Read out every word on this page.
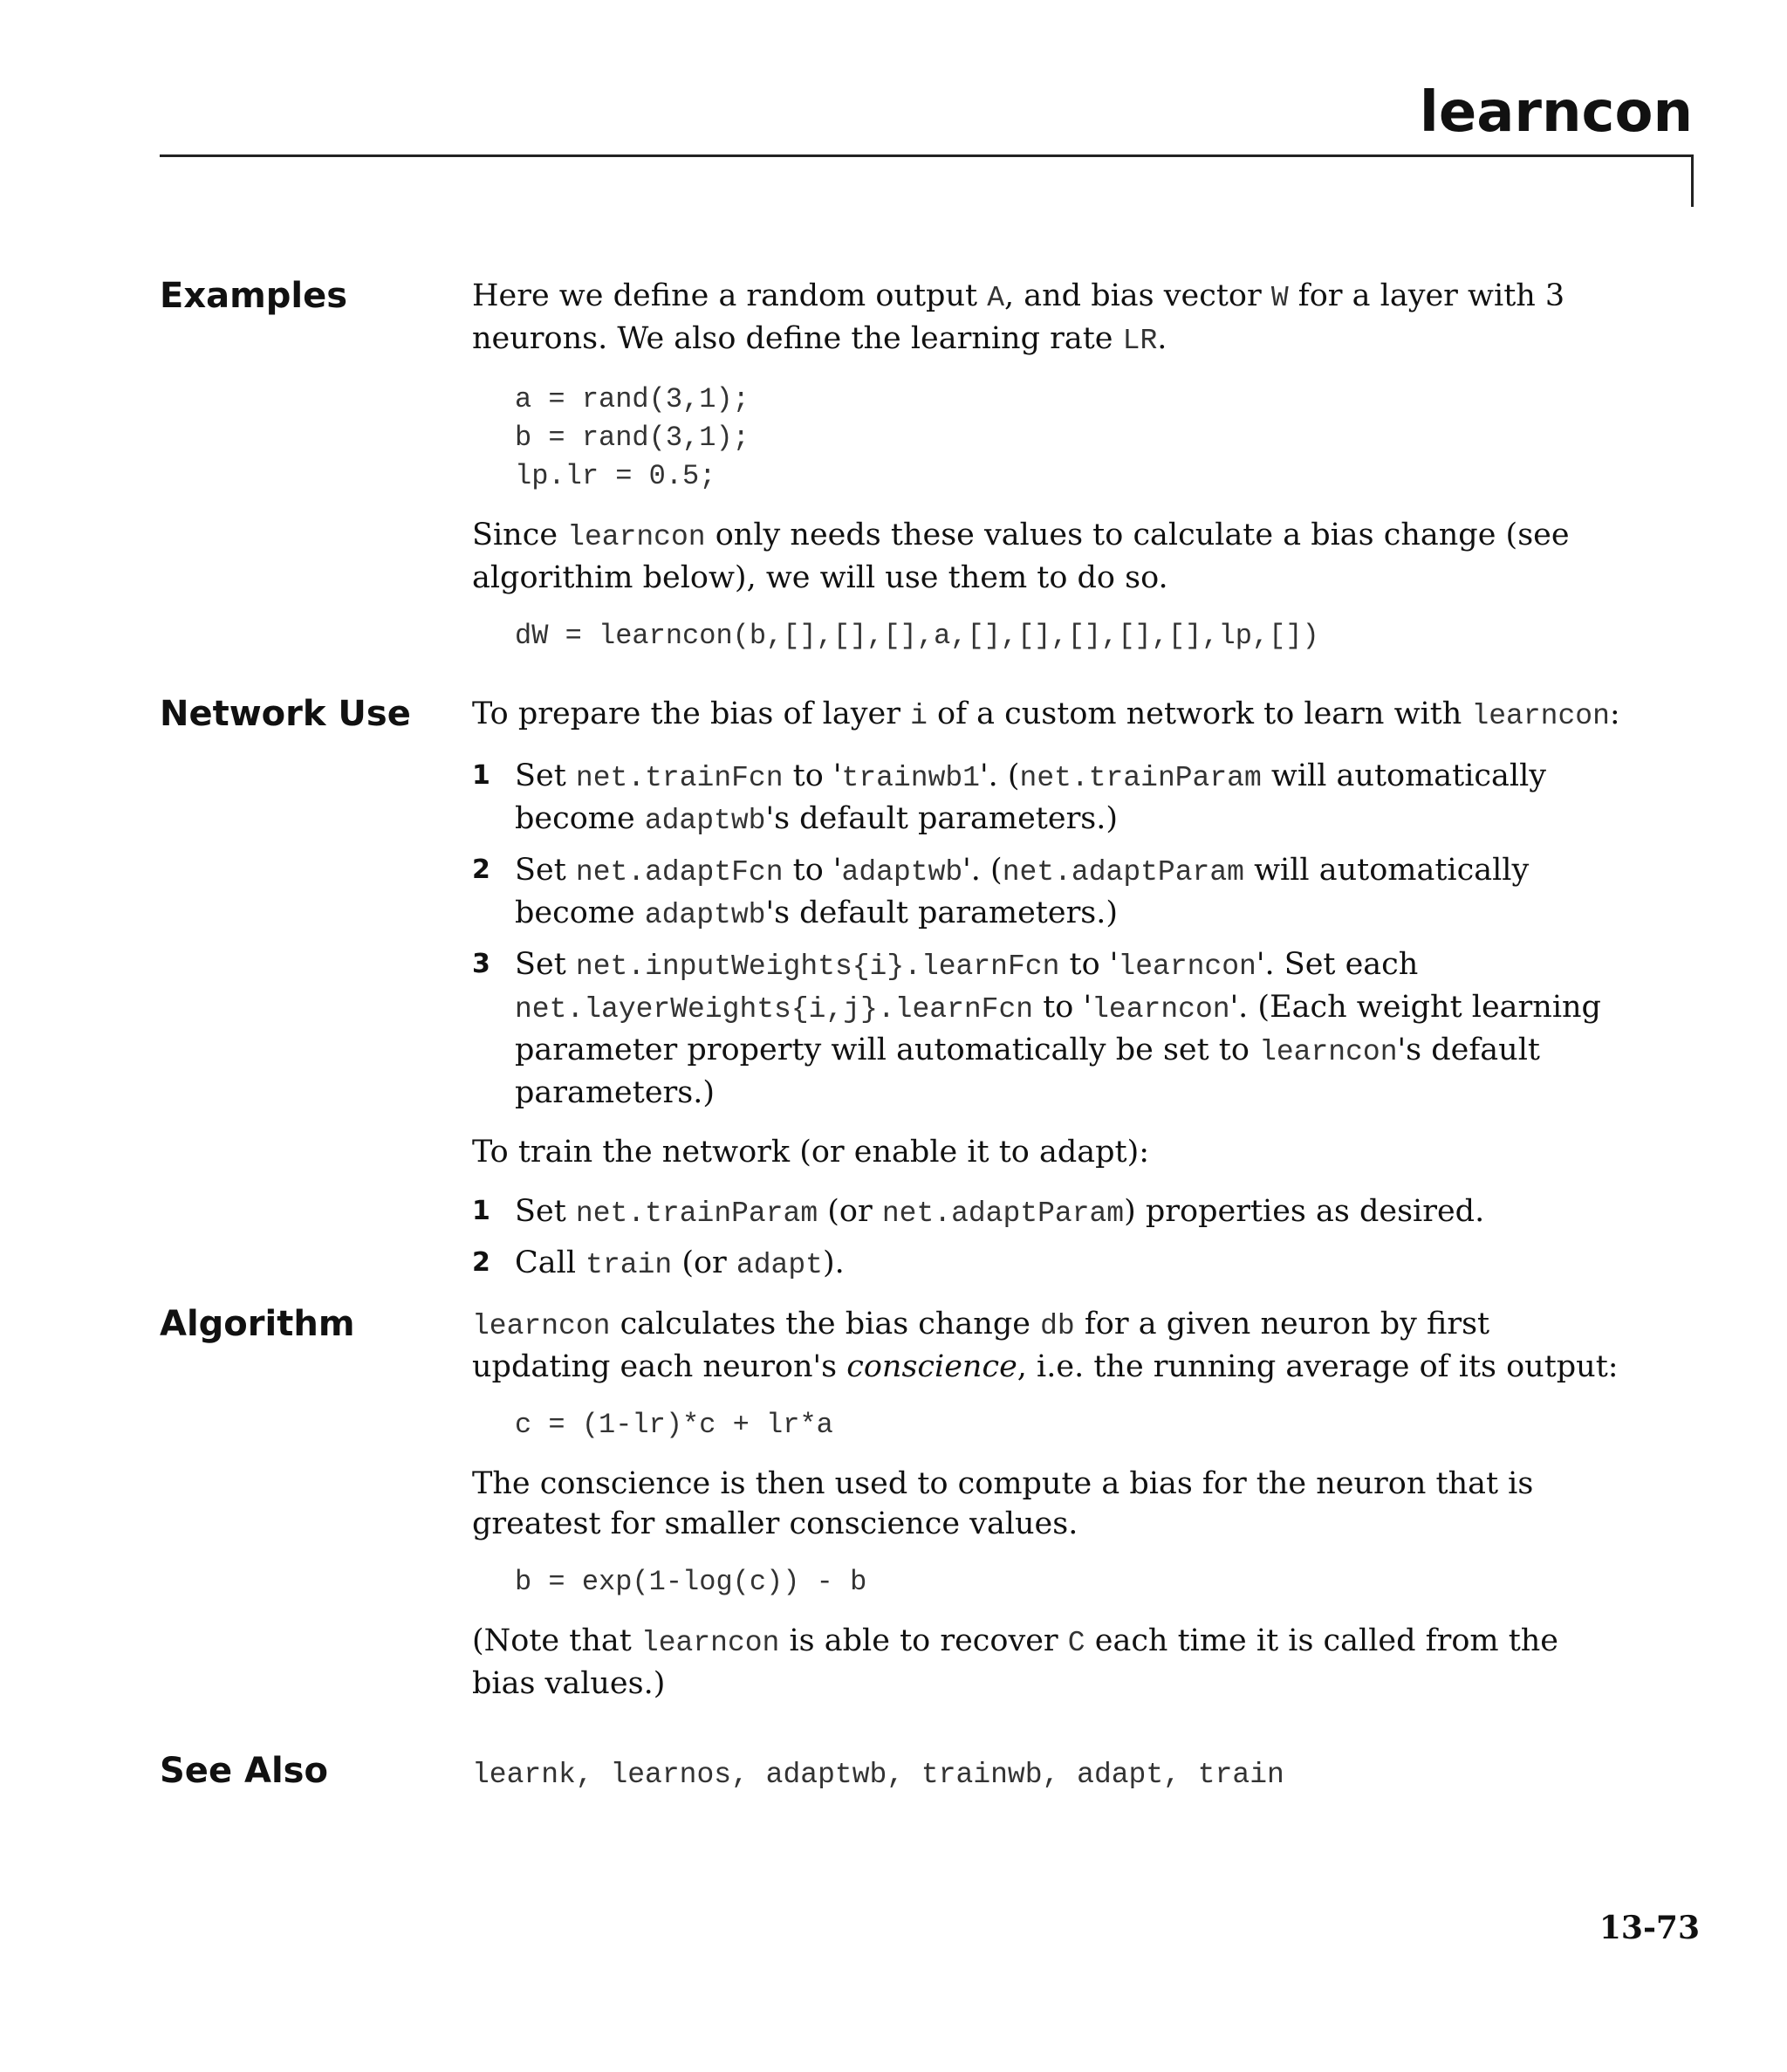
learncon
Examples	Here we define a random output A, and bias vector W for a layer with 3 neurons. We also define the learning rate LR.

a = rand(3,1);
b = rand(3,1);
lp.lr = 0.5;

Since learncon only needs these values to calculate a bias change (see algorithim below), we will use them to do so.

dW = learncon(b,[],[],[],a,[],[],[],[],[],lp,[])
Network Use To prepare the bias of layer i of a custom network to learn with learncon:

1 Set net.trainFcn to 'trainwb1'. (net.trainParam will automatically become adaptwb's default parameters.)
2 Set net.adaptFcn to 'adaptwb'. (net.adaptParam will automatically become adaptwb's default parameters.)
3 Set net.inputWeights{i}.learnFcn to 'learncon'. Set each net.layerWeights{i,j}.learnFcn to 'learncon'. (Each weight learning parameter property will automatically be set to learncon's default parameters.)

To train the network (or enable it to adapt):

1 Set net.trainParam (or net.adaptParam) properties as desired.
2 Call train (or adapt).
Algorithm	learncon calculates the bias change db for a given neuron by first updating each neuron's conscience, i.e. the running average of its output:

c = (1-lr)*c + lr*a

The conscience is then used to compute a bias for the neuron that is greatest for smaller conscience values.

b = exp(1-log(c)) - b

(Note that learncon is able to recover C each time it is called from the bias values.)

See Also	learnk, learnos, adaptwb, trainwb, adapt, train
13-73
